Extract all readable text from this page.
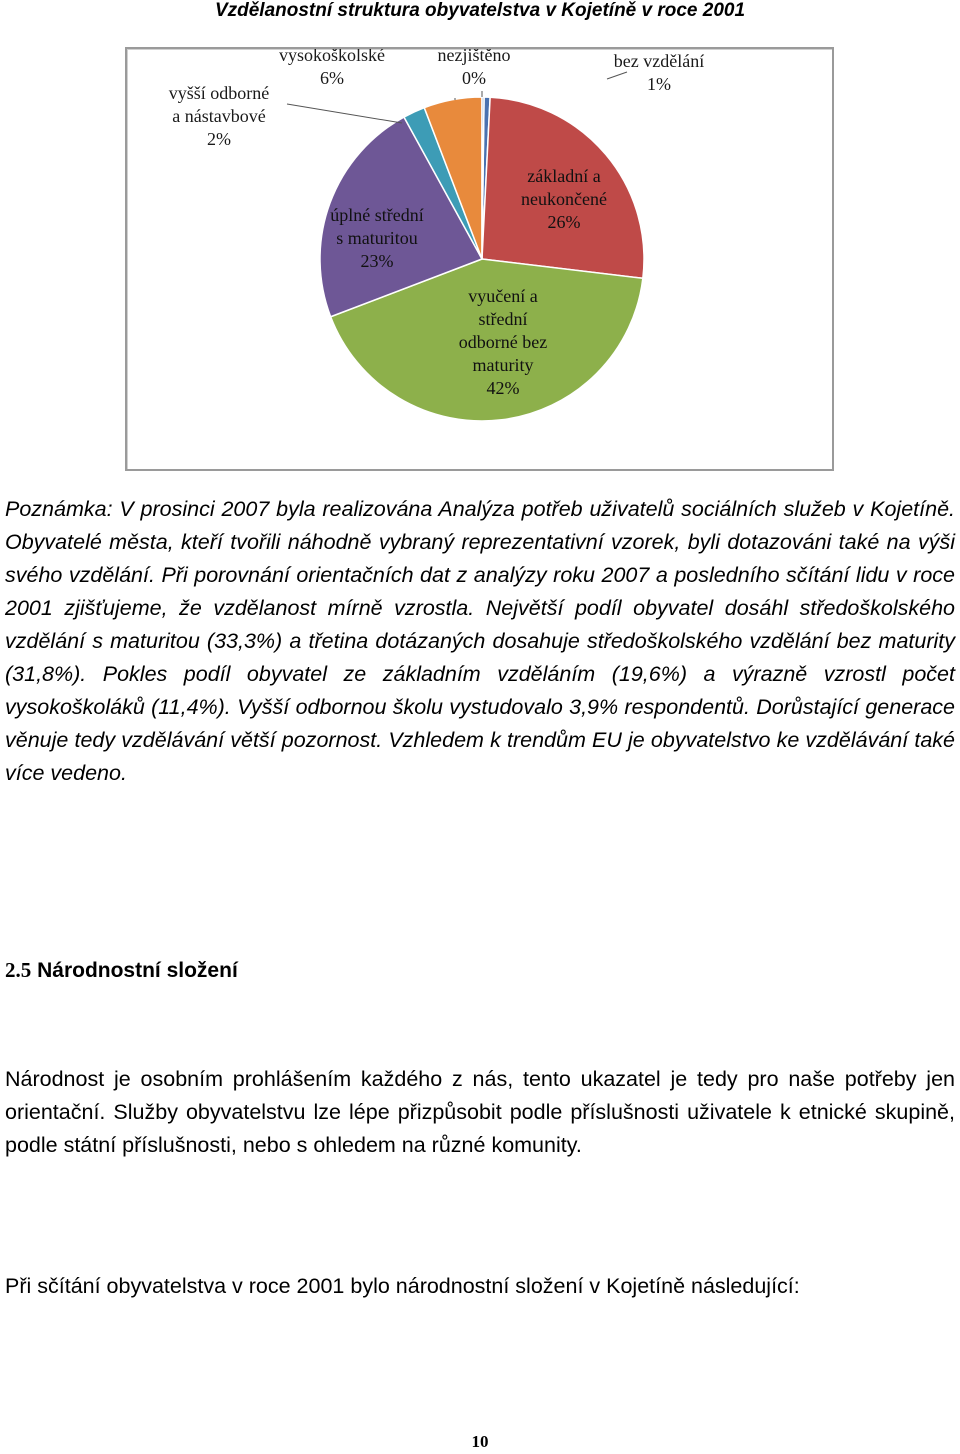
Vzdělanostní struktura obyvatelstva v Kojetíně v roce 2001
bez vzdělání 1%
základní a neukončené 26%
vyučení a střední odborné bez maturity 42%
úplné střední s maturitou 23%
vyšší odborné a nástavbové 2%
vysokoškolské 6%
nezjištěno 0%

Poznámka: V prosinci 2007 byla realizována Analýza potřeb uživatelů sociálních služeb v Kojetíně. Obyvatelé města, kteří tvořili náhodně vybraný reprezentativní vzorek, byli dotazováni také na výši svého vzdělání. Při porovnání orientačních dat z analýzy roku 2007 a posledního sčítání lidu v roce 2001 zjišťujeme, že vzdělanost mírně vzrostla. Největší podíl obyvatel dosáhl středoškolského vzdělání s maturitou (33,3%) a třetina dotázaných dosahuje středoškolského vzdělání bez maturity (31,8%). Pokles podíl obyvatel ze základním vzděláním (19,6%) a výrazně vzrostl počet vysokoškoláků (11,4%). Vyšší odbornou školu vystudovalo 3,9% respondentů. Dorůstající generace věnuje tedy vzdělávání větší pozornost. Vzhledem k trendům EU je obyvatelstvo ke vzdělávání také více vedeno.

2.5 Národnostní složení

Národnost je osobním prohlášením každého z nás, tento ukazatel je tedy pro naše potřeby jen orientační. Služby obyvatelstvu lze lépe přizpůsobit podle příslušnosti uživatele k etnické skupině, podle státní příslušnosti, nebo s ohledem na různé komunity.

Při sčítání obyvatelstva v roce 2001 bylo národnostní složení v Kojetíně následující:

10
